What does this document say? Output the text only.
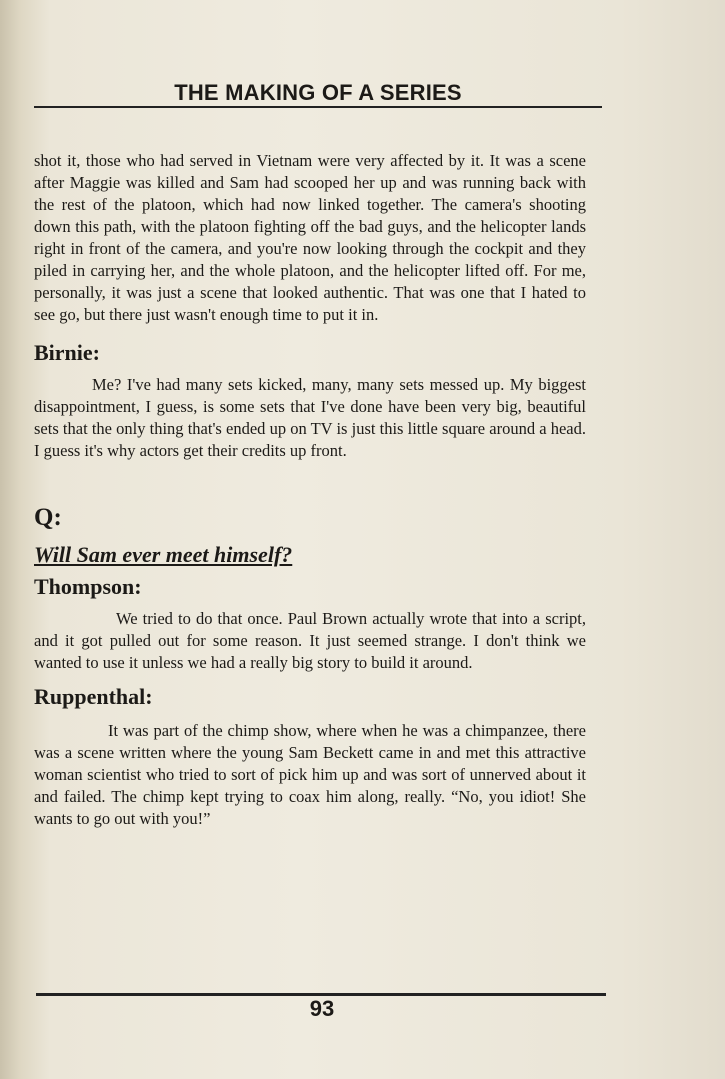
THE MAKING OF A SERIES

shot it, those who had served in Vietnam were very affected by it. It was a scene after Maggie was killed and Sam had scooped her up and was running back with the rest of the platoon, which had now linked together. The camera's shooting down this path, with the platoon fighting off the bad guys, and the helicopter lands right in front of the camera, and you're now looking through the cockpit and they piled in carrying her, and the whole platoon, and the helicopter lifted off. For me, personally, it was just a scene that looked authentic. That was one that I hated to see go, but there just wasn't enough time to put it in.

Birnie:

Me? I've had many sets kicked, many, many sets messed up. My biggest disappointment, I guess, is some sets that I've done have been very big, beautiful sets that the only thing that's ended up on TV is just this little square around a head. I guess it's why actors get their credits up front.

Q:

Will Sam ever meet himself?

Thompson:

We tried to do that once. Paul Brown actually wrote that into a script, and it got pulled out for some reason. It just seemed strange. I don't think we wanted to use it unless we had a really big story to build it around.

Ruppenthal:

It was part of the chimp show, where when he was a chimpanzee, there was a scene written where the young Sam Beckett came in and met this attractive woman scientist who tried to sort of pick him up and was sort of unnerved about it and failed. The chimp kept trying to coax him along, really. “No, you idiot! She wants to go out with you!”

93
